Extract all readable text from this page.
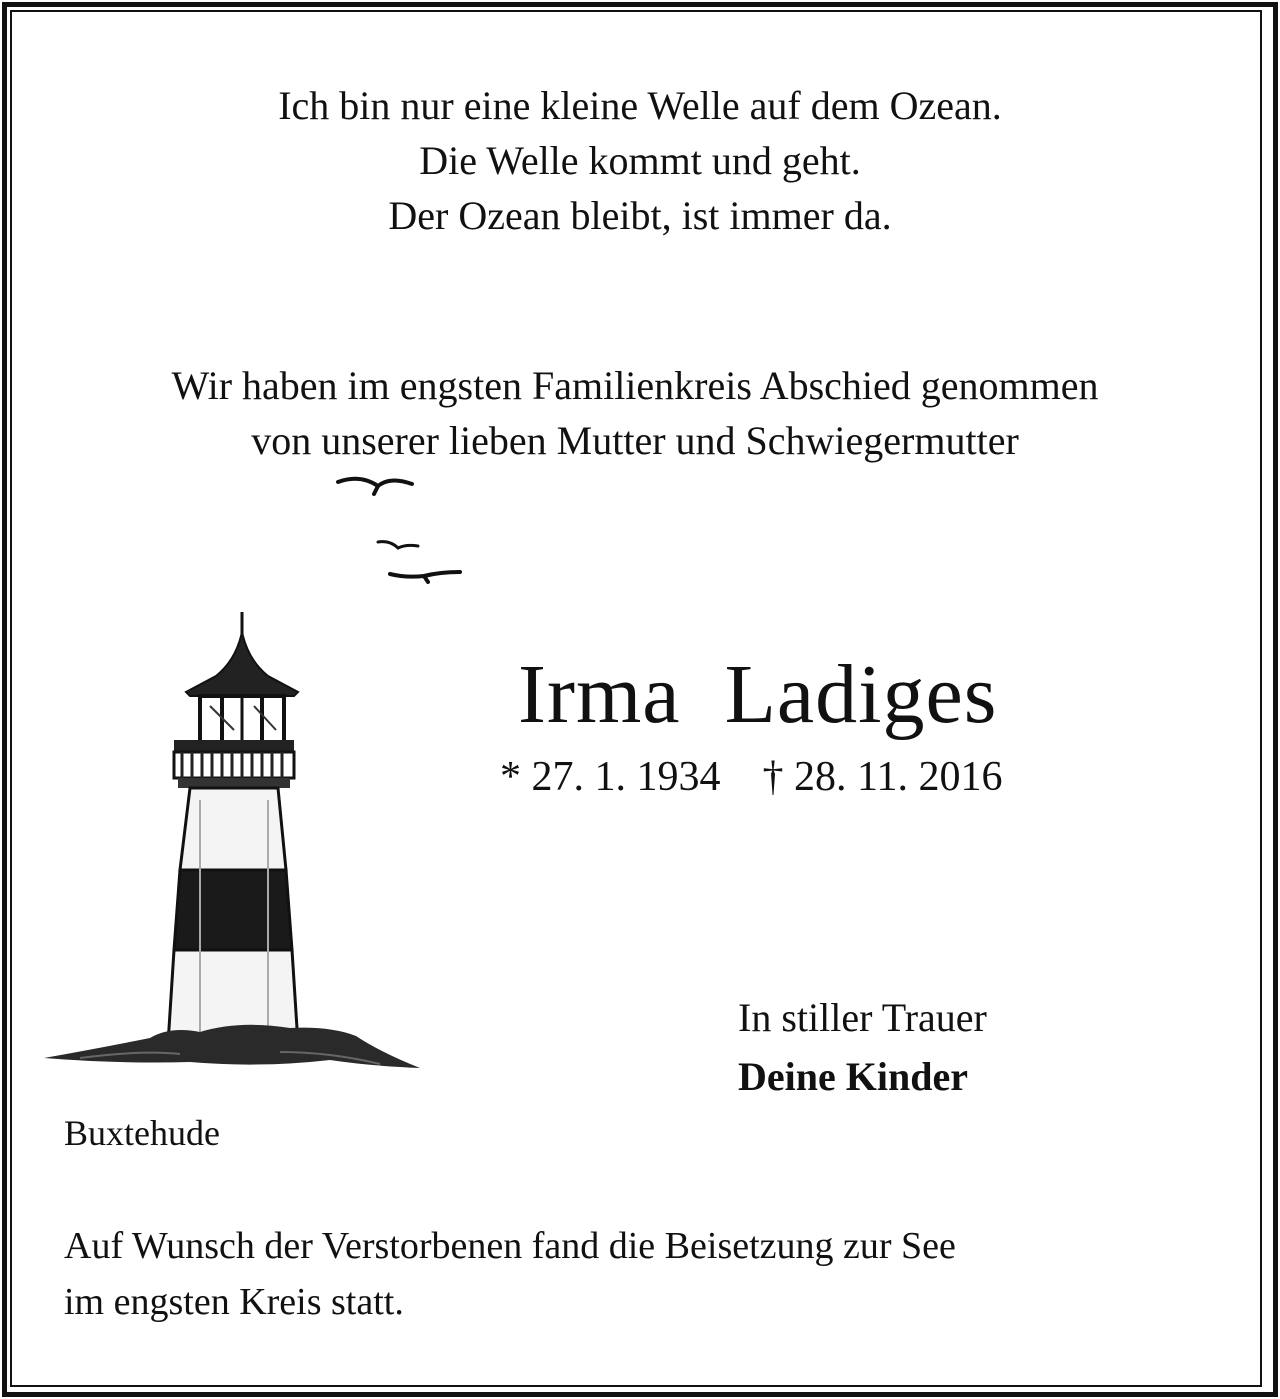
Ich bin nur eine kleine Welle auf dem Ozean.
Die Welle kommt und geht.
Der Ozean bleibt, ist immer da.
Wir haben im engsten Familienkreis Abschied genommen
von unserer lieben Mutter und Schwiegermutter
Irma  Ladiges
* 27. 1. 1934    † 28. 11. 2016
In stiller Trauer
Deine Kinder
Buxtehude
Auf Wunsch der Verstorbenen fand die Beisetzung zur See
im engsten Kreis statt.
